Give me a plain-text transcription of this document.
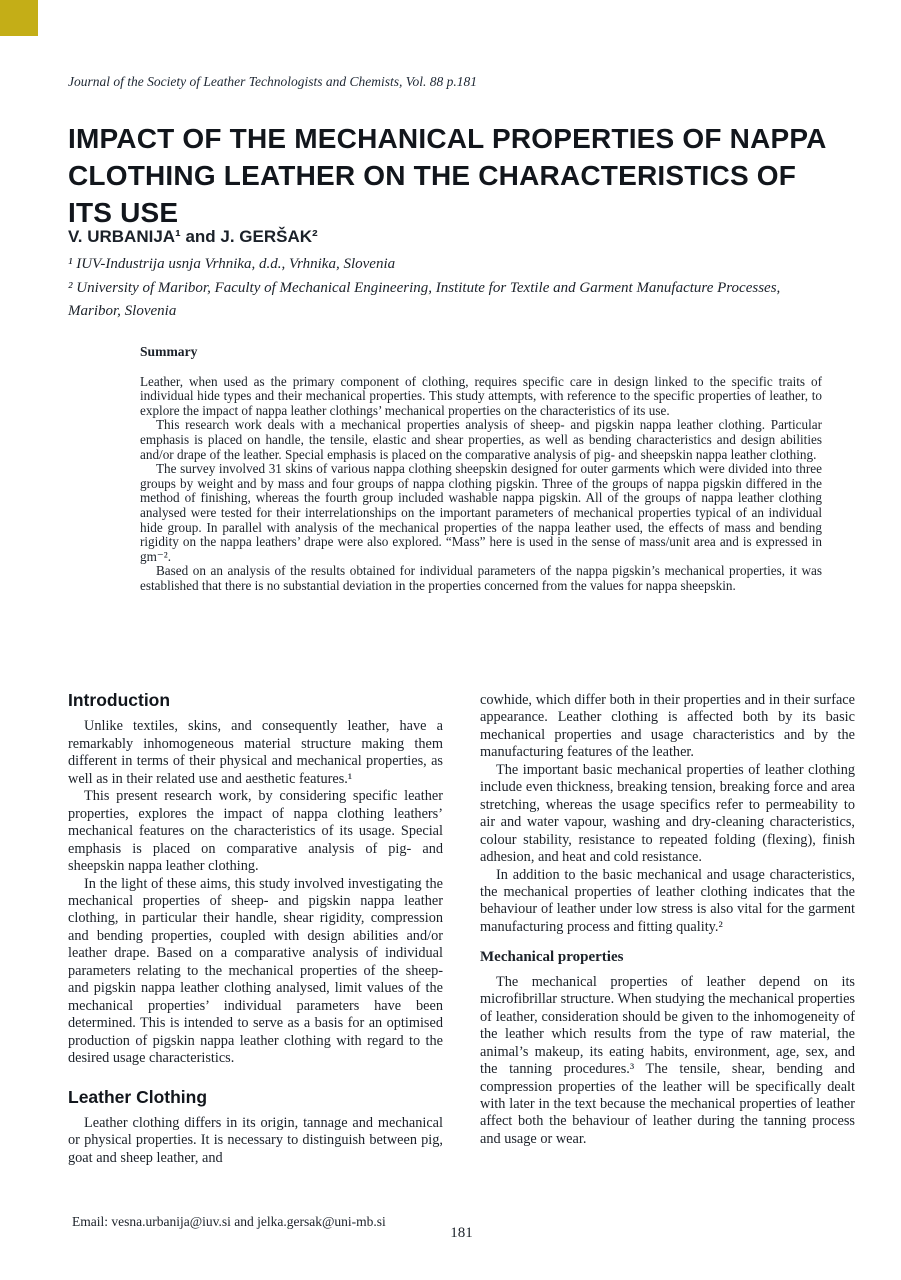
Journal of the Society of Leather Technologists and Chemists, Vol. 88 p.181
IMPACT OF THE MECHANICAL PROPERTIES OF NAPPA CLOTHING LEATHER ON THE CHARACTERISTICS OF ITS USE
V. URBANIJA¹ and J. GERŠAK²
¹ IUV-Industrija usnja Vrhnika, d.d., Vrhnika, Slovenia
² University of Maribor, Faculty of Mechanical Engineering, Institute for Textile and Garment Manufacture Processes, Maribor, Slovenia
Summary

Leather, when used as the primary component of clothing, requires specific care in design linked to the specific traits of individual hide types and their mechanical properties. This study attempts, with reference to the specific properties of leather, to explore the impact of nappa leather clothings’ mechanical properties on the characteristics of its use.

This research work deals with a mechanical properties analysis of sheep- and pigskin nappa leather clothing. Particular emphasis is placed on handle, the tensile, elastic and shear properties, as well as bending characteristics and design abilities and/or drape of the leather. Special emphasis is placed on the comparative analysis of pig- and sheepskin nappa leather clothing.

The survey involved 31 skins of various nappa clothing sheepskin designed for outer garments which were divided into three groups by weight and by mass and four groups of nappa clothing pigskin. Three of the groups of nappa pigskin differed in the method of finishing, whereas the fourth group included washable nappa pigskin. All of the groups of nappa leather clothing analysed were tested for their interrelationships on the important parameters of mechanical properties typical of an individual hide group. In parallel with analysis of the mechanical properties of the nappa leather used, the effects of mass and bending rigidity on the nappa leathers’ drape were also explored. “Mass” here is used in the sense of mass/unit area and is expressed in gm⁻².

Based on an analysis of the results obtained for individual parameters of the nappa pigskin’s mechanical properties, it was established that there is no substantial deviation in the properties concerned from the values for nappa sheepskin.

Introduction

Unlike textiles, skins, and consequently leather, have a remarkably inhomogeneous material structure making them different in terms of their physical and mechanical properties, as well as in their related use and aesthetic features.¹

This present research work, by considering specific leather properties, explores the impact of nappa clothing leathers’ mechanical features on the characteristics of its usage. Special emphasis is placed on comparative analysis of pig- and sheepskin nappa leather clothing.

In the light of these aims, this study involved investigating the mechanical properties of sheep- and pigskin nappa leather clothing, in particular their handle, shear rigidity, compression and bending properties, coupled with design abilities and/or leather drape. Based on a comparative analysis of individual parameters relating to the mechanical properties of the sheep- and pigskin nappa leather clothing analysed, limit values of the mechanical properties’ individual parameters have been determined. This is intended to serve as a basis for an optimised production of pigskin nappa leather clothing with regard to the desired usage characteristics.

Leather Clothing

Leather clothing differs in its origin, tannage and mechanical or physical properties. It is necessary to distinguish between pig, goat and sheep leather, and

cowhide, which differ both in their properties and in their surface appearance. Leather clothing is affected both by its basic mechanical properties and usage characteristics and by the manufacturing features of the leather.

The important basic mechanical properties of leather clothing include even thickness, breaking tension, breaking force and area stretching, whereas the usage specifics refer to permeability to air and water vapour, washing and dry-cleaning characteristics, colour stability, resistance to repeated folding (flexing), finish adhesion, and heat and cold resistance.

In addition to the basic mechanical and usage characteristics, the mechanical properties of leather clothing indicates that the behaviour of leather under low stress is also vital for the garment manufacturing process and fitting quality.²

Mechanical properties

The mechanical properties of leather depend on its microfibrillar structure. When studying the mechanical properties of leather, consideration should be given to the inhomogeneity of the leather which results from the type of raw material, the animal’s makeup, its eating habits, environment, age, sex, and the tanning procedures.³ The tensile, shear, bending and compression properties of the leather will be specifically dealt with later in the text because the mechanical properties of leather affect both the behaviour of leather during the tanning process and usage or wear.

Email: vesna.urbanija@iuv.si and jelka.gersak@uni-mb.si
181
